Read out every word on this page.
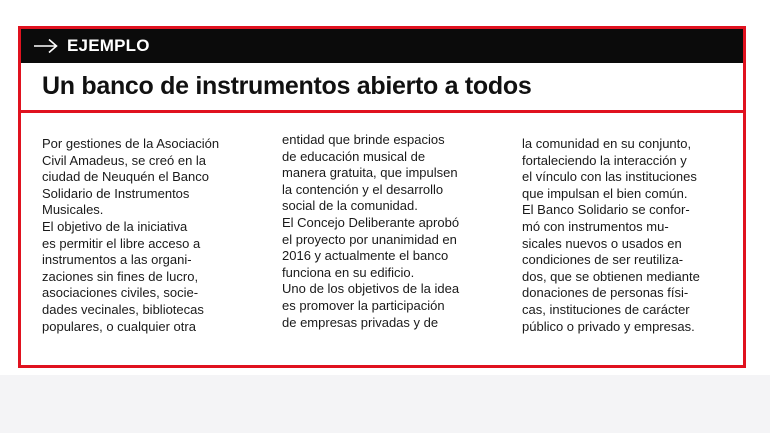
EJEMPLO
Un banco de instrumentos abierto a todos
Por gestiones de la Asociación
Civil Amadeus, se creó en la
ciudad de Neuquén el Banco
Solidario de Instrumentos
Musicales.
El objetivo de la iniciativa
es permitir el libre acceso a
instrumentos a las organi-
zaciones sin fines de lucro,
asociaciones civiles, socie-
dades vecinales, bibliotecas
populares, o cualquier otra
entidad que brinde espacios
de educación musical de
manera gratuita, que impulsen
la contención y el desarrollo
social de la comunidad.
El Concejo Deliberante aprobó
el proyecto por unanimidad en
2016 y actualmente el banco
funciona en su edificio.
Uno de los objetivos de la idea
es promover la participación
de empresas privadas y de
la comunidad en su conjunto,
fortaleciendo la interacción y
el vínculo con las instituciones
que impulsan el bien común.
El Banco Solidario se confor-
mó con instrumentos mu-
sicales nuevos o usados en
condiciones de ser reutiliza-
dos, que se obtienen mediante
donaciones de personas físi-
cas, instituciones de carácter
público o privado y empresas.
